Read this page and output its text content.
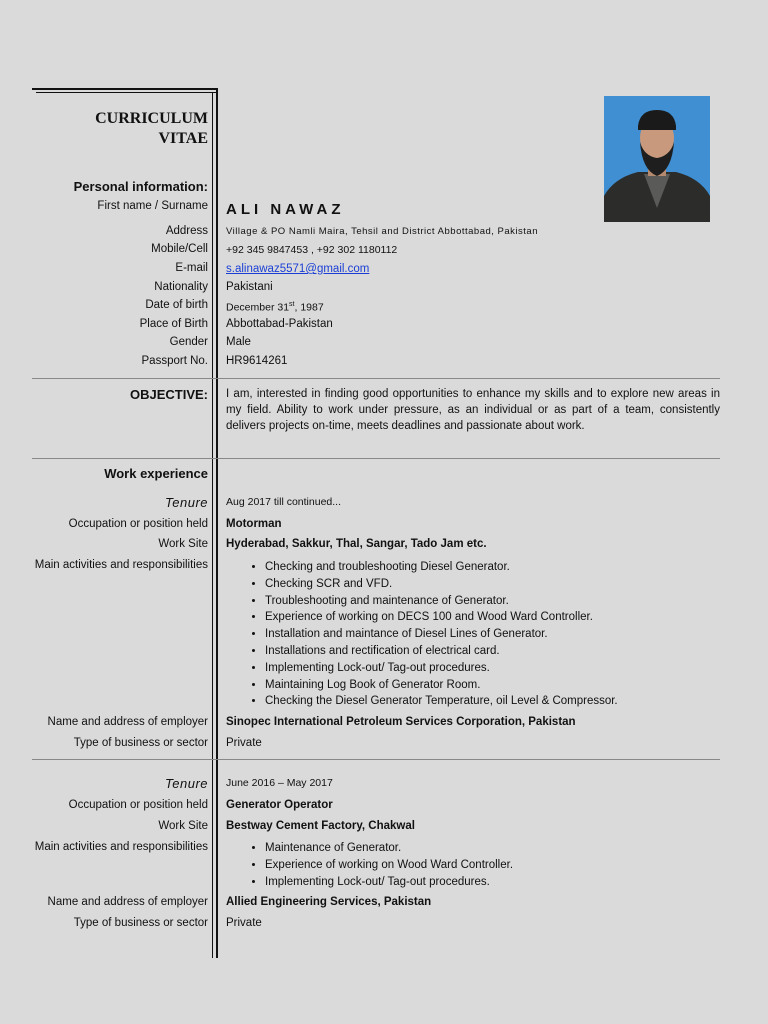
CURRICULUM
VITAE
Personal information:
First name / Surname ALI NAWAZ
Address Village & PO Namli Maira, Tehsil and District Abbottabad, Pakistan
Mobile/Cell +92 345 9847453 , +92 302 1180112
E-mail s.alinawaz5571@gmail.com
Nationality Pakistani
Date of birth December 31st, 1987
Place of Birth Abbottabad-Pakistan
Gender Male
Passport No. HR9614261
OBJECTIVE: I am, interested in finding good opportunities to enhance my skills and to explore new areas in my field. Ability to work under pressure, as an individual or as part of a team, consistently delivers projects on-time, meets deadlines and passionate about work.
Work experience
Tenure Aug 2017 till continued...
Occupation or position held Motorman
Work Site Hyderabad, Sakkur, Thal, Sangar, Tado Jam etc.
Main activities and responsibilities	• Checking and troubleshooting Diesel Generator.
• Checking SCR and VFD.
• Troubleshooting and maintenance of Generator.
• Experience of working on DECS 100 and Wood Ward Controller.
• Installation and maintance of Diesel Lines of Generator.
• Installations and rectification of electrical card.
• Implementing Lock-out/ Tag-out procedures.
• Maintaining Log Book of Generator Room.
• Checking the Diesel Generator Temperature, oil Level & Compressor.
Name and address of employer Sinopec International Petroleum Services Corporation, Pakistan
Type of business or sector Private
Tenure June 2016 – May 2017
Occupation or position held Generator Operator
Work Site Bestway Cement Factory, Chakwal
Main activities and responsibilities	• Maintenance of Generator.
• Experience of working on Wood Ward Controller.
• Implementing Lock-out/ Tag-out procedures.
Name and address of employer Allied Engineering Services, Pakistan
Type of business or sector Private
